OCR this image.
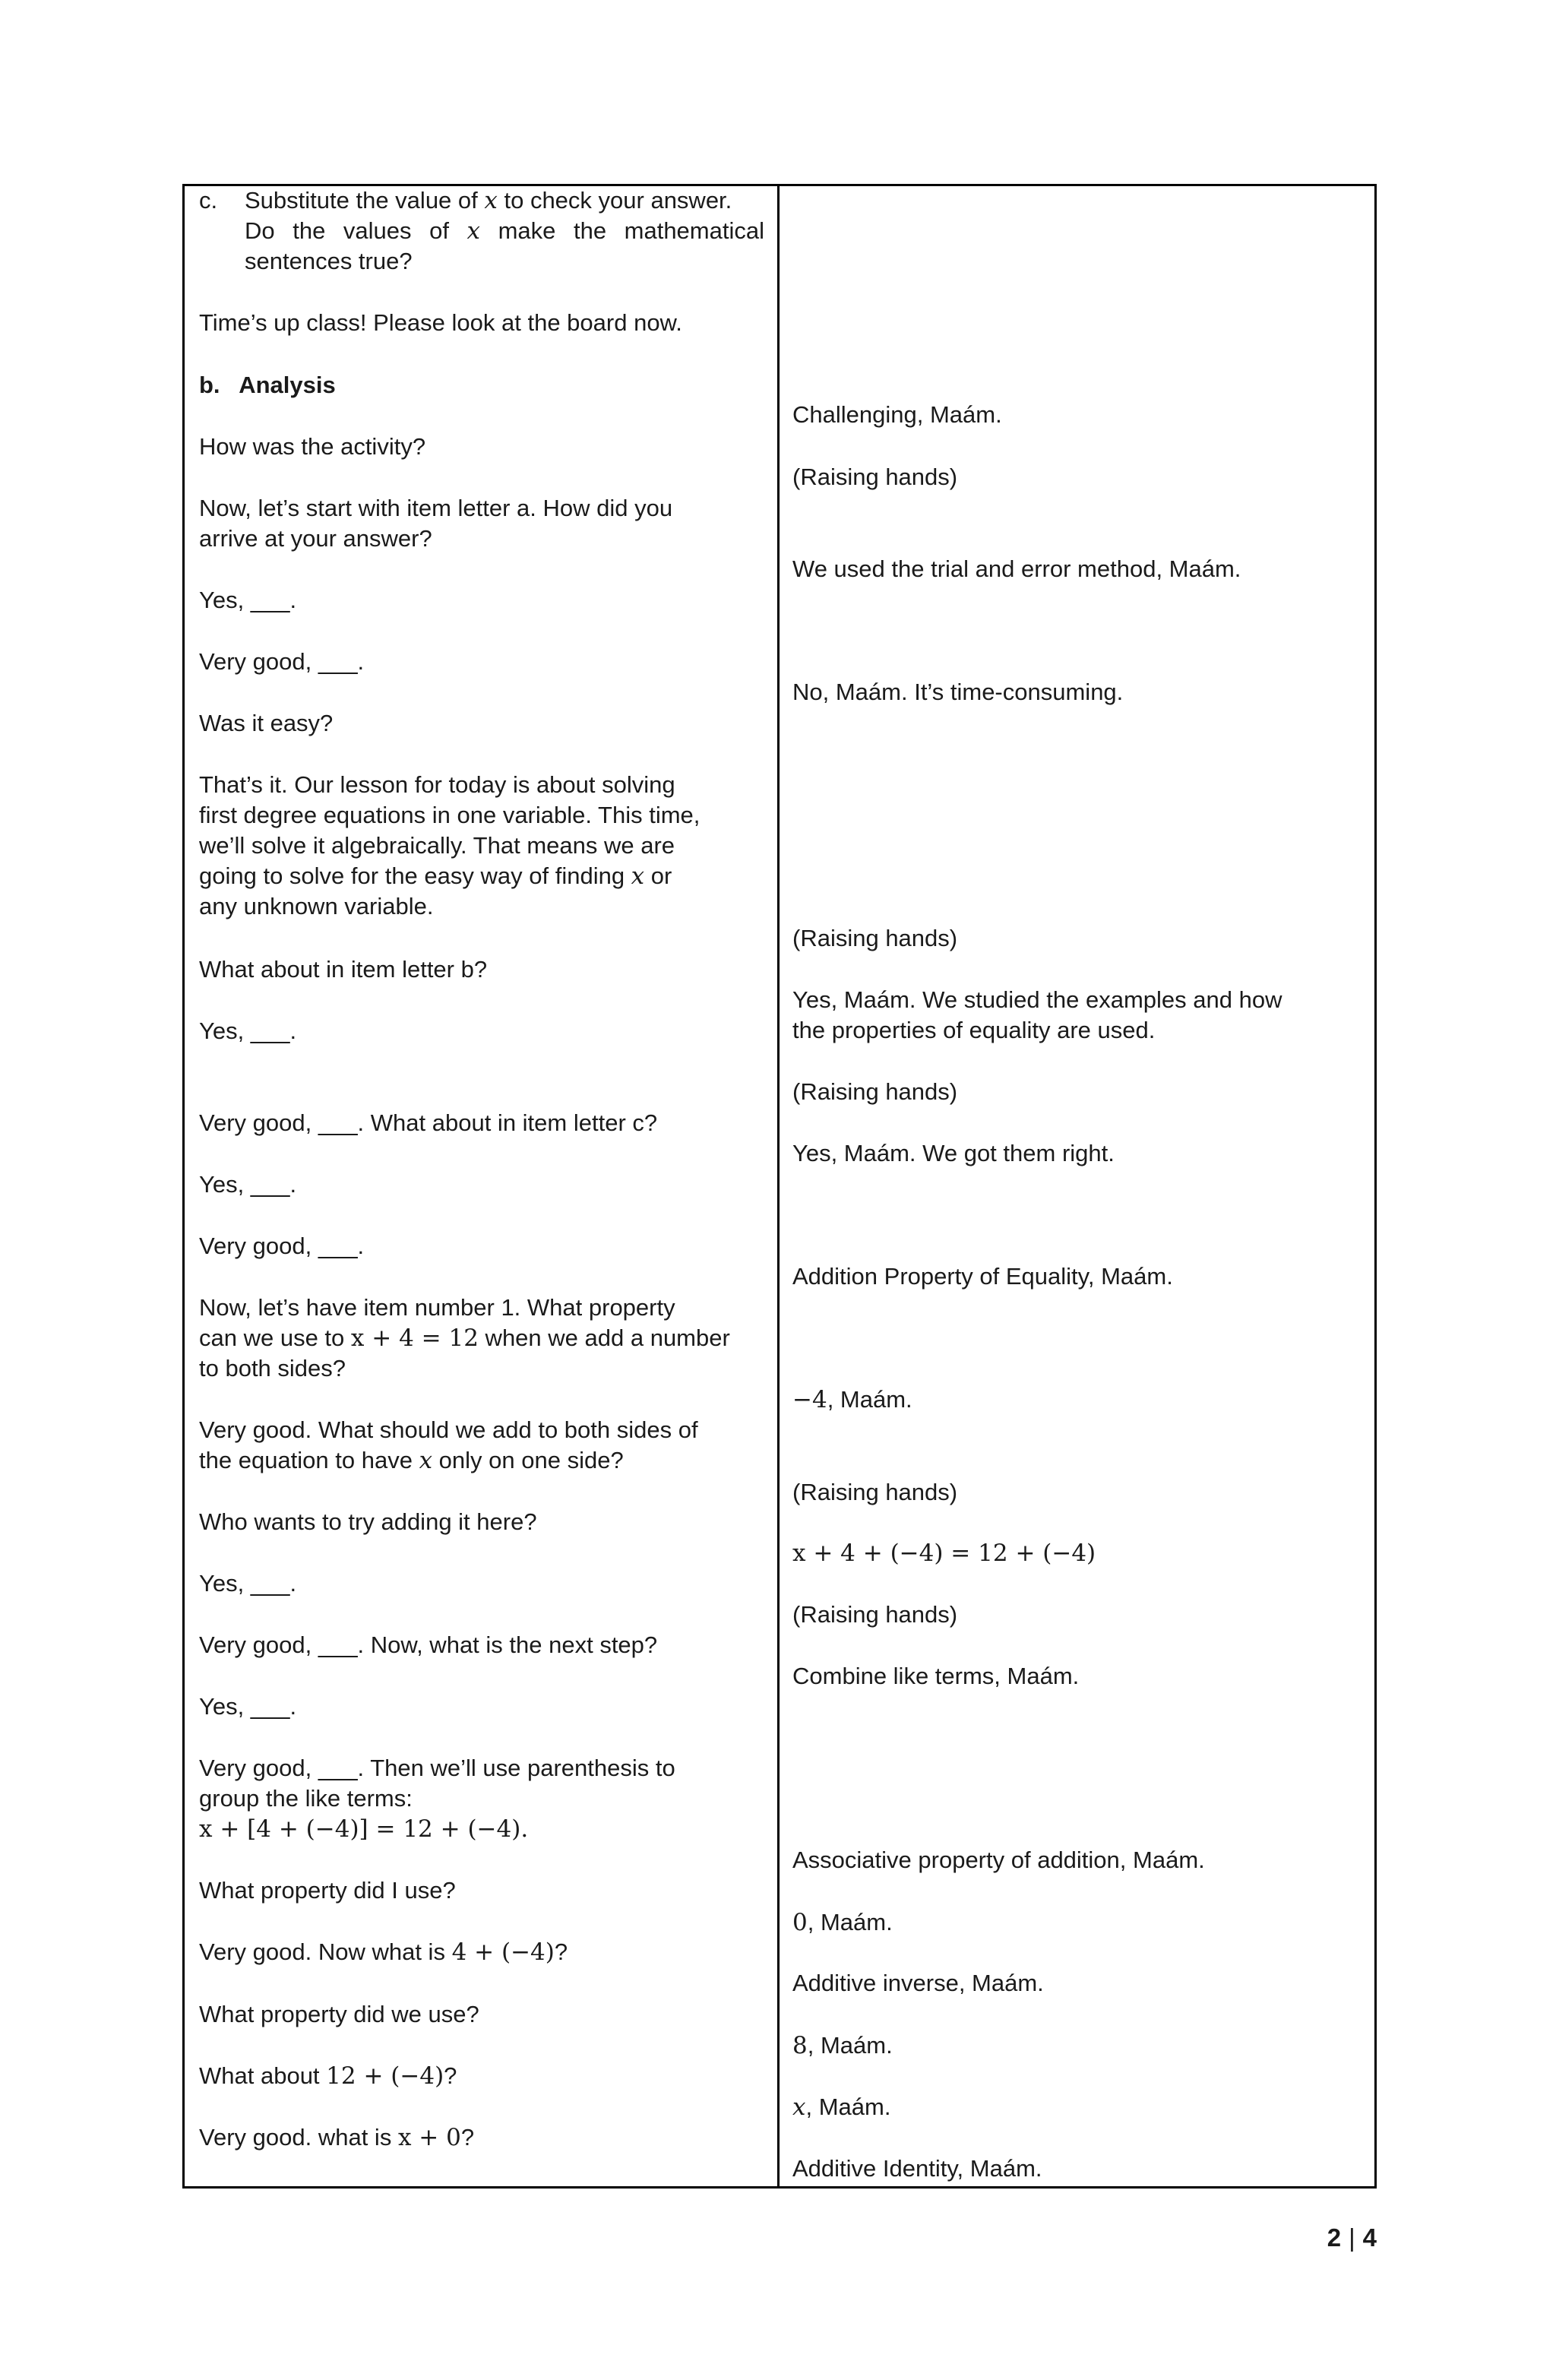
c. Substitute the value of x to check your answer.
Do the values of x make the mathematical
sentences true?
Time’s up class! Please look at the board now.
b.   Analysis
How was the activity?
Now, let’s start with item letter a. How did you
arrive at your answer?
Yes, ___.
Very good, ___.
Was it easy?
That’s it. Our lesson for today is about solving
first degree equations in one variable. This time,
we’ll solve it algebraically. That means we are
going to solve for the easy way of finding x or
any unknown variable.
What about in item letter b?
Yes, ___.
Very good, ___. What about in item letter c?
Yes, ___.
Very good, ___.
Now, let’s have item number 1. What property
can we use to x + 4 = 12 when we add a number
to both sides?
Very good. What should we add to both sides of
the equation to have x only on one side?
Who wants to try adding it here?
Yes, ___.
Very good, ___. Now, what is the next step?
Yes, ___.
Very good, ___. Then we’ll use parenthesis to
group the like terms:
x + [4 + (−4)] = 12 + (−4).
What property did I use?
Very good. Now what is 4 + (−4)?
What property did we use?
What about 12 + (−4)?
Very good. what is x + 0?
Challenging, Maám.
(Raising hands)
We used the trial and error method, Maám.
No, Maám. It’s time-consuming.
(Raising hands)
Yes, Maám. We studied the examples and how
the properties of equality are used.
(Raising hands)
Yes, Maám. We got them right.
Addition Property of Equality, Maám.
−4, Maám.
(Raising hands)
x + 4 + (−4) = 12 + (−4)
(Raising hands)
Combine like terms, Maám.
Associative property of addition, Maám.
0, Maám.
Additive inverse, Maám.
8, Maám.
x, Maám.
Additive Identity, Maám.
2 | 4
